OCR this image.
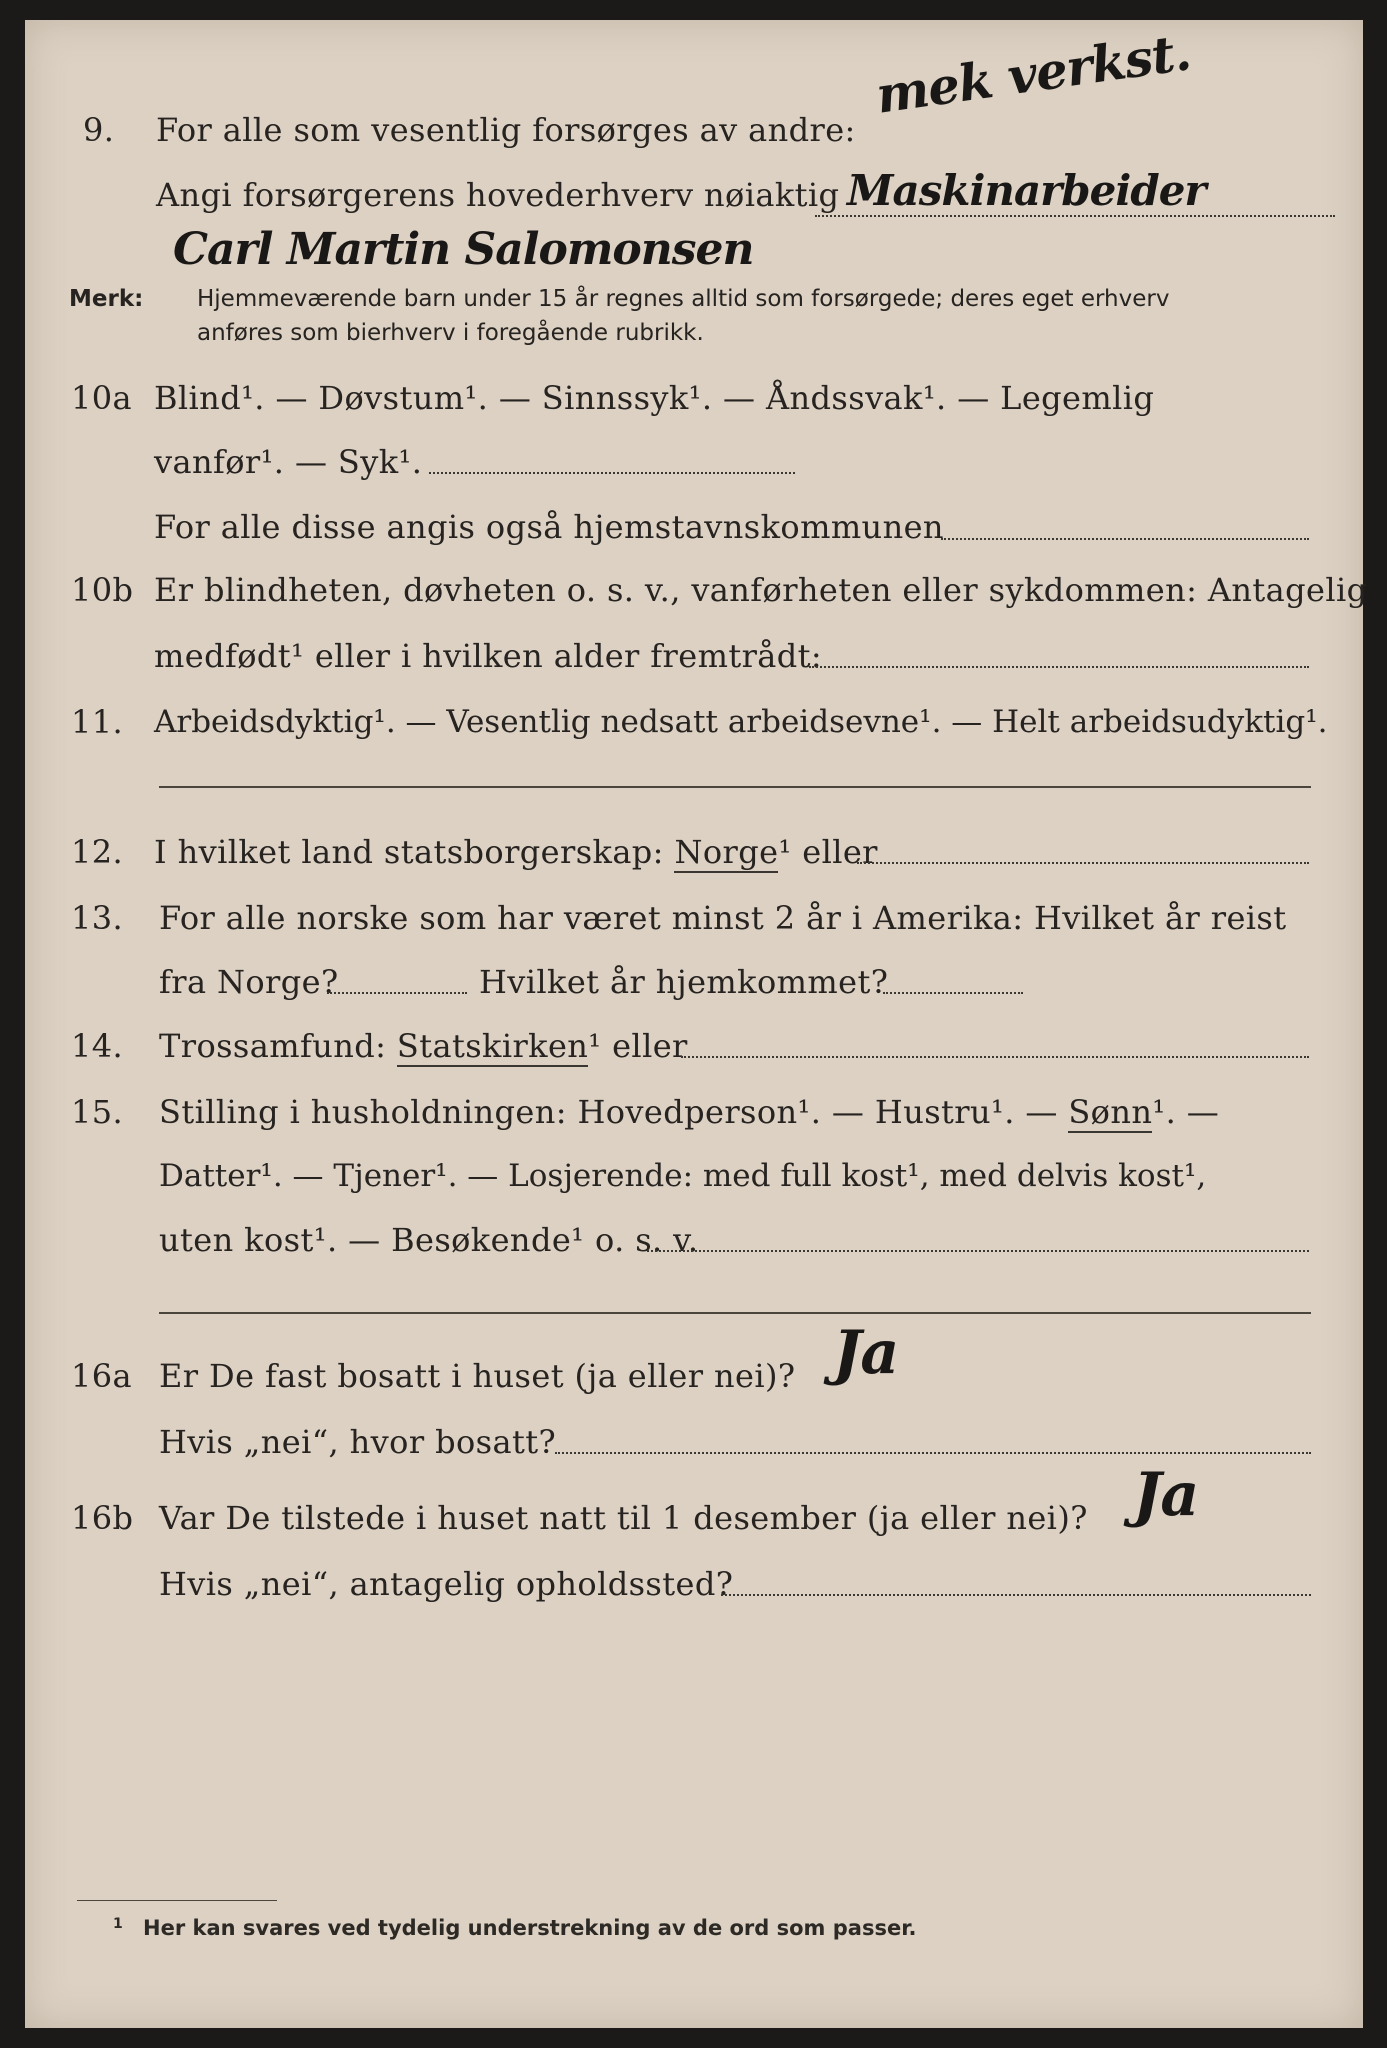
9. For alle som vesentlig forsørges av andre:
mek verkst.
Angi forsørgerens hovederhverv nøiaktig Maskinarbeider
Carl Martin Salomonsen
Merk: Hjemmeværende barn under 15 år regnes alltid som forsørgede; deres eget erhverv
anføres som bierhverv i foregående rubrikk.
10a Blind¹. — Døvstum¹. — Sinnssyk¹. — Åndssvak¹. — Legemlig
vanfør¹. — Syk¹.
For alle disse angis også hjemstavnskommunen
10b Er blindheten, døvheten o. s. v., vanførheten eller sykdommen: Antagelig
medfødt¹ eller i hvilken alder fremtrådt:
11. Arbeidsdyktig¹. — Vesentlig nedsatt arbeidsevne¹. — Helt arbeidsudyktig¹.
12. I hvilket land statsborgerskap: Norge¹ eller
13. For alle norske som har været minst 2 år i Amerika: Hvilket år reist
fra Norge?	Hvilket år hjemkommet?
14. Trossamfund: Statskirken¹ eller
15. Stilling i husholdningen: Hovedperson¹. — Hustru¹. — Sønn¹. —
Datter¹. — Tjener¹. — Losjerende: med full kost¹, med delvis kost¹,
uten kost¹. — Besøkende¹ o. s. v.
16a Er De fast bosatt i huset (ja eller nei)? Ja
Hvis „nei“, hvor bosatt?
16b Var De tilstede i huset natt til 1 desember (ja eller nei)? Ja
Hvis „nei“, antagelig opholdssted?
1 Her kan svares ved tydelig understrekning av de ord som passer.
